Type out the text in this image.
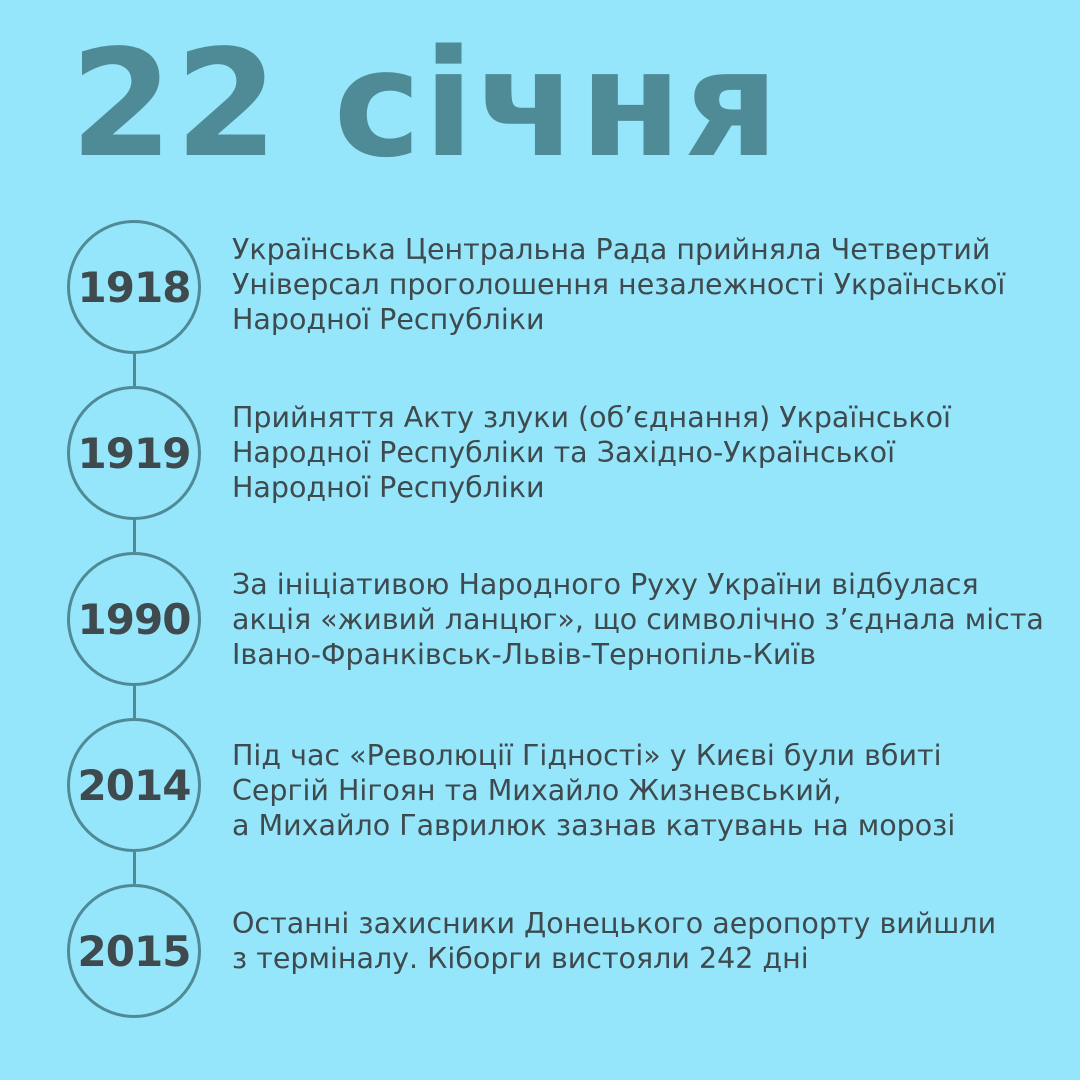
22 січня
1918
Українська Центральна Рада прийняла Четвертий
Універсал проголошення незалежності Української
Народної Республіки
1919
Прийняття Акту злуки (об’єднання) Української
Народної Республіки та Західно-Української
Народної Республіки
1990
За ініціативою Народного Руху України відбулася
акція «живий ланцюг», що символічно з’єднала міста
Івано-Франківськ-Львів-Тернопіль-Київ
2014
Під час «Революції Гідності» у Києві були вбиті
Сергій Нігоян та Михайло Жизневський,
а Михайло Гаврилюк зазнав катувань на морозі
2015
Останні захисники Донецького аеропорту вийшли
з терміналу. Кіборги вистояли 242 дні
